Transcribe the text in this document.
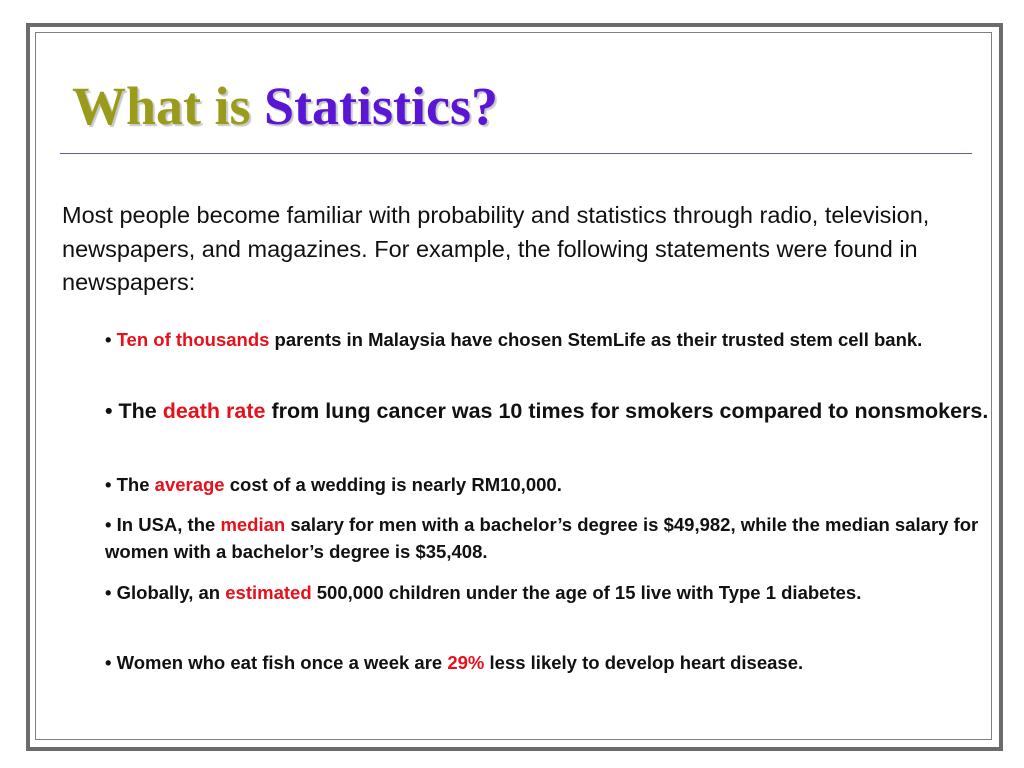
What is Statistics?

Most people become familiar with probability and statistics through radio, television, newspapers, and magazines. For example, the following statements were found in newspapers:

• Ten of thousands parents in Malaysia have chosen StemLife as their trusted stem cell bank.
• The death rate from lung cancer was 10 times for smokers compared to nonsmokers.
• The average cost of a wedding is nearly RM10,000.
• In USA, the median salary for men with a bachelor’s degree is $49,982, while the median salary for women with a bachelor’s degree is $35,408.
• Globally, an estimated 500,000 children under the age of 15 live with Type 1 diabetes.
• Women who eat fish once a week are 29% less likely to develop heart disease.
